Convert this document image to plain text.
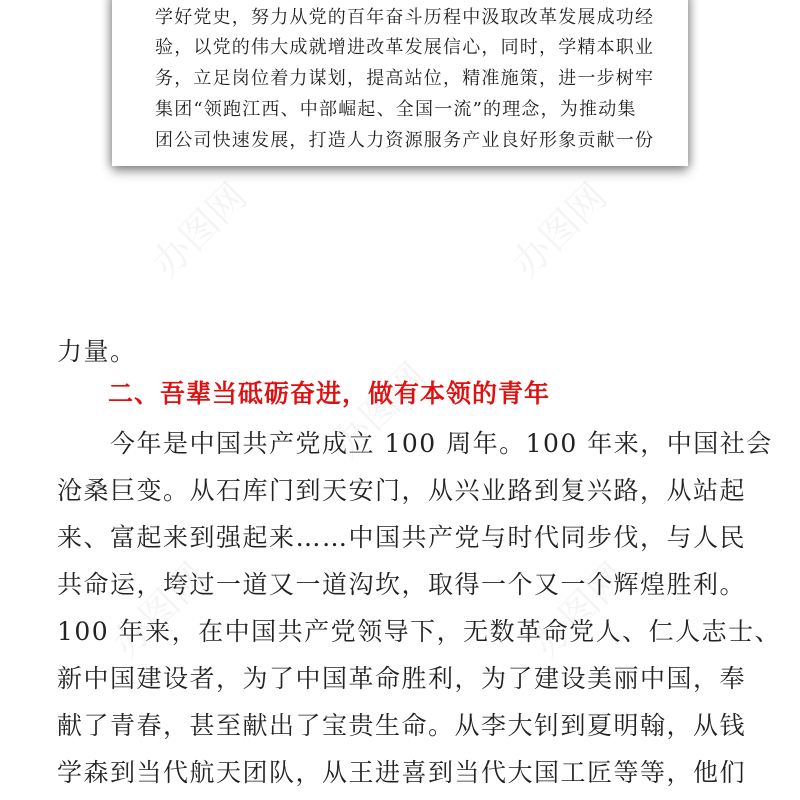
学好党史，努力从党的百年奋斗历程中汲取改革发展成功经
验，以党的伟大成就增进改革发展信心，同时，学精本职业
务，立足岗位着力谋划，提高站位，精准施策，进一步树牢
集团“领跑江西、中部崛起、全国一流”的理念，为推动集
团公司快速发展，打造人力资源服务产业良好形象贡献一份
力量。
二、吾辈当砥砺奋进，做有本领的青年
　　今年是中国共产党成立 100 周年。100 年来，中国社会
沧桑巨变。从石库门到天安门，从兴业路到复兴路，从站起
来、富起来到强起来……中国共产党与时代同步伐，与人民
共命运，垮过一道又一道沟坎，取得一个又一个辉煌胜利。
100 年来，在中国共产党领导下，无数革命党人、仁人志士、
新中国建设者，为了中国革命胜利，为了建设美丽中国，奉
献了青春，甚至献出了宝贵生命。从李大钊到夏明翰，从钱
学森到当代航天团队，从王进喜到当代大国工匠等等，他们
办图网	办图网
办图网
办图网	办图网
